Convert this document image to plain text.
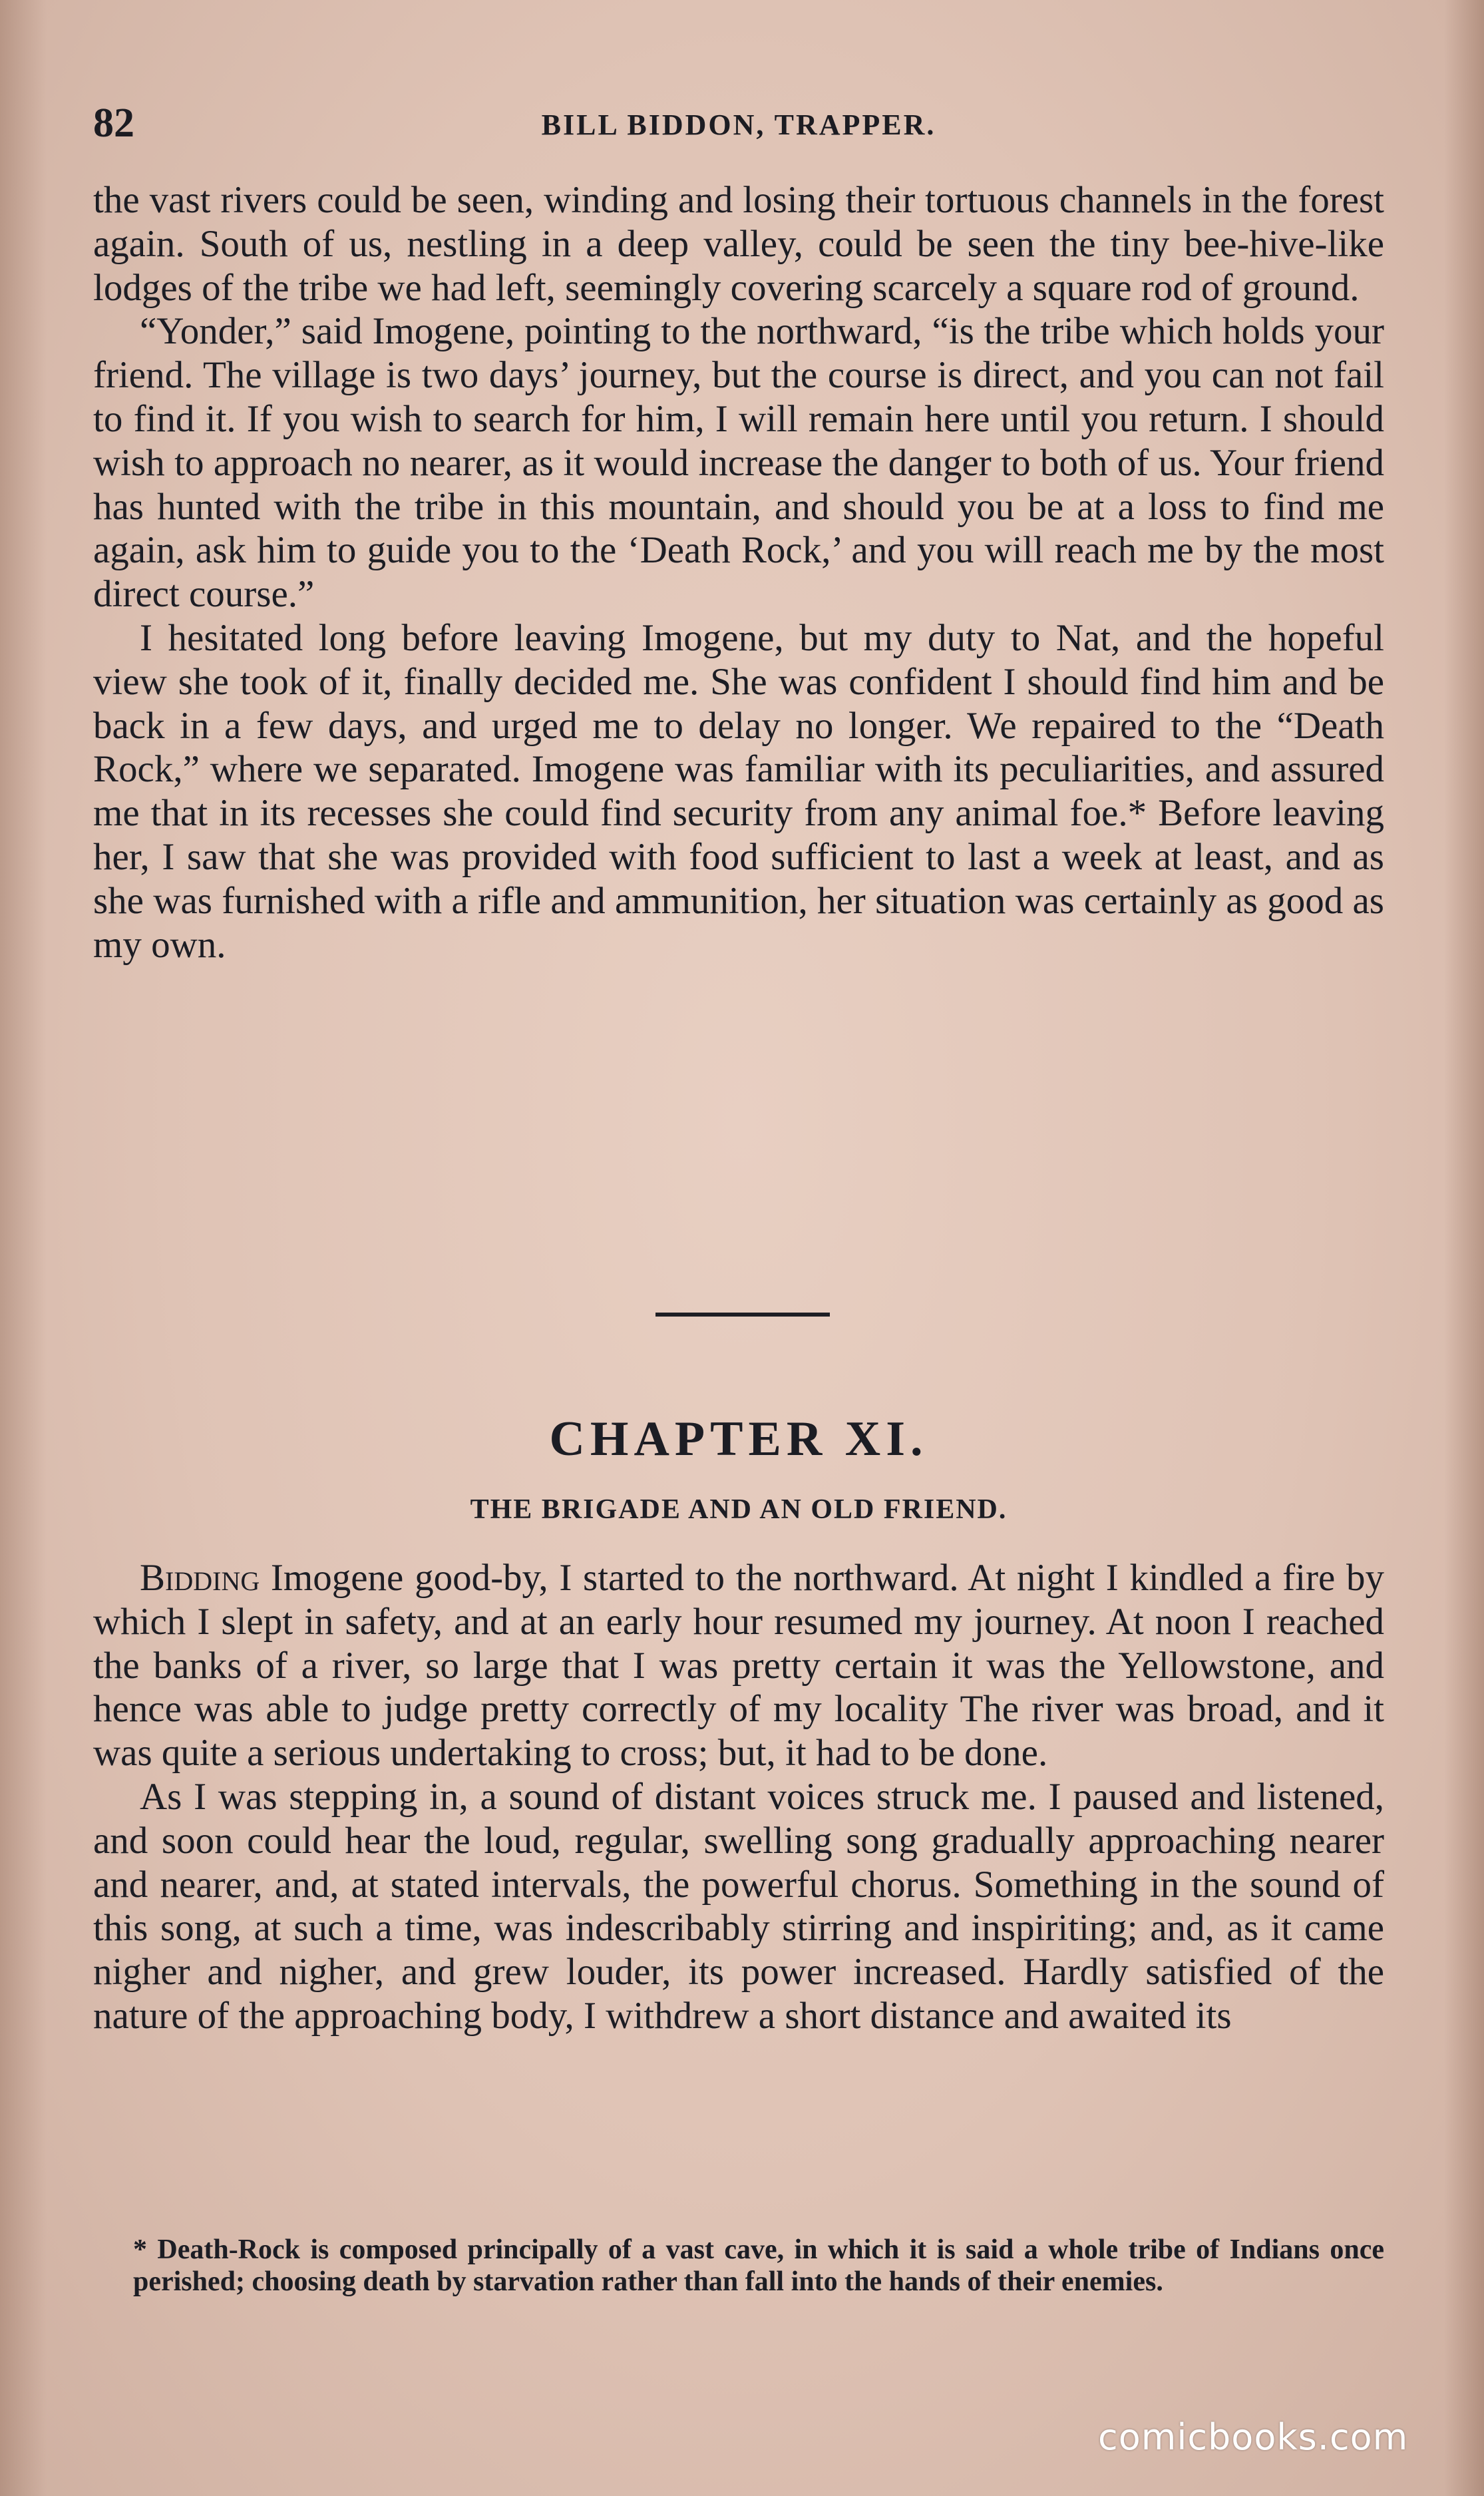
82	BILL BIDDON, TRAPPER.

the vast rivers could be seen, winding and losing their tortuous channels in the forest again. South of us, nestling in a deep valley, could be seen the tiny bee-hive-like lodges of the tribe we had left, seemingly covering scarcely a square rod of ground.

“Yonder,” said Imogene, pointing to the northward, “is the tribe which holds your friend. The village is two days’ journey, but the course is direct, and you can not fail to find it. If you wish to search for him, I will remain here until you return. I should wish to approach no nearer, as it would increase the danger to both of us. Your friend has hunted with the tribe in this mountain, and should you be at a loss to find me again, ask him to guide you to the ‘Death Rock,’ and you will reach me by the most direct course.”

I hesitated long before leaving Imogene, but my duty to Nat, and the hopeful view she took of it, finally decided me. She was confident I should find him and be back in a few days, and urged me to delay no longer. We repaired to the “Death Rock,” where we separated. Imogene was familiar with its peculiarities, and assured me that in its recesses she could find security from any animal foe.* Before leaving her, I saw that she was provided with food sufficient to last a week at least, and as she was furnished with a rifle and ammunition, her situation was certainly as good as my own.

CHAPTER XI.
THE BRIGADE AND AN OLD FRIEND.

Bidding Imogene good-by, I started to the northward. At night I kindled a fire by which I slept in safety, and at an early hour resumed my journey. At noon I reached the banks of a river, so large that I was pretty certain it was the Yellowstone, and hence was able to judge pretty correctly of my locality The river was broad, and it was quite a serious undertaking to cross; but, it had to be done.

As I was stepping in, a sound of distant voices struck me. I paused and listened, and soon could hear the loud, regular, swelling song gradually approaching nearer and nearer, and, at stated intervals, the powerful chorus. Something in the sound of this song, at such a time, was indescribably stirring and inspiriting; and, as it came nigher and nigher, and grew louder, its power increased. Hardly satisfied of the nature of the approaching body, I withdrew a short distance and awaited its

* Death-Rock is composed principally of a vast cave, in which it is said a whole tribe of Indians once perished; choosing death by starvation rather than fall into the hands of their enemies.
comicbooks.com
